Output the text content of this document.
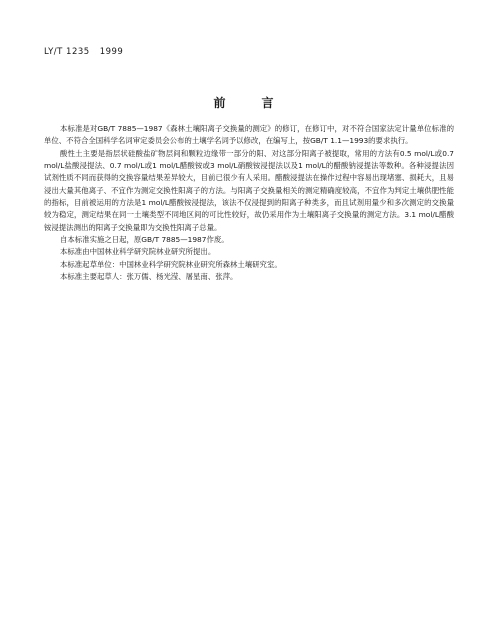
LY/T 1235 1999
前言

本标准是对GB/T 7885—1987《森林土壤阳离子交换量的测定》的修订，在修订中，对不符合国家法定计量单位标准的单位、不符合全国科学名词审定委员会公布的土壤学名词予以修改，在编写上，按GB/T 1.1—1993的要求执行。

酸性土主要是指层状硅酸盐矿物层间和颗粒边缘带一部分的阳、对这部分阳离子被提取，常用的方法有0.5 mol/L或0.7 mol/L盐酸浸提法、0.7 mol/L或1 mol/L醋酸铵或3 mol/L硝酸铵浸提法以及1 mol/L的醋酸钠浸提法等数种。各种浸提法因试剂性质不同而获得的交换容量结果差异较大，目前已很少有人采用。醋酸浸提法在操作过程中容易出现堵塞、损耗大，且易浸出大量其他离子、不宜作为测定交换性阳离子的方法。与阳离子交换量相关的测定精确度较高，不宜作为判定土壤供肥性能的指标，目前被运用的方法是1 mol/L醋酸铵浸提法，该法不仅浸提到的阳离子种类多，而且试剂用量少和多次测定的交换量较为稳定，测定结果在同一土壤类型不同地区间的可比性较好，故仍采用作为土壤阳离子交换量的测定方法。3.1 mol/L醋酸铵浸提法测出的阳离子交换量即为交换性阳离子总量。

自本标准实施之日起，原GB/T 7885—1987作废。

本标准由中国林业科学研究院林业研究所提出。

本标准起草单位：中国林业科学研究院林业研究所森林土壤研究室。

本标准主要起草人：张万儒、杨光滢、屠星南、张萍。
